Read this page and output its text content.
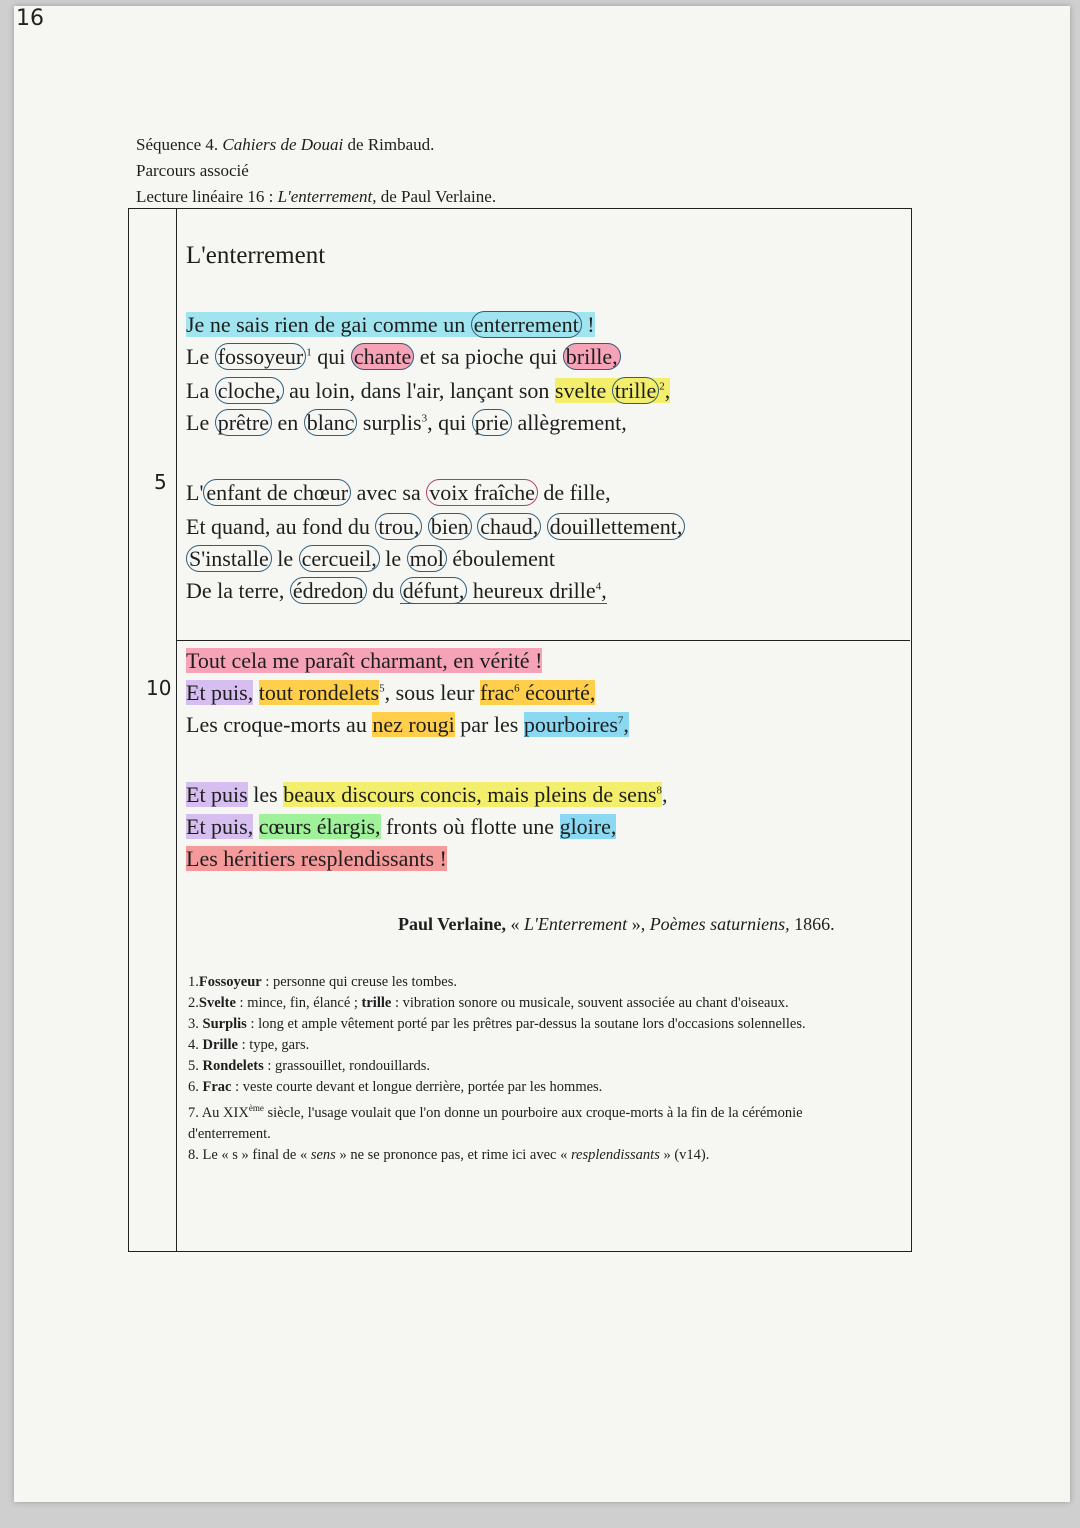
16
Séquence 4. Cahiers de Douai de Rimbaud.
Parcours associé
Lecture linéaire 16 : L'enterrement, de Paul Verlaine.
L'enterrement
Je ne sais rien de gai comme un enterrement !
Le fossoyeur $^1$ qui chante et sa pioche qui brille,
La cloche, au loin, dans l'air, lançant son svelte trille $^2$,
Le prêtre en blanc surplis$^3$, qui prie allègrement,
5 L' enfant de chœur avec sa voix fraîche de fille,
Et quand, au fond du trou, bien chaud, douillettement,
S'installe le cercueil, le mol éboulement
De la terre, édredon du défunt, heureux drille$^4$,
Tout cela me paraît charmant, en vérité !
10 Et puis, tout rondelets$^5$, sous leur frac$^6$ écourté,
Les croque-morts au nez rougi par les pourboires$^7$,
Et puis les beaux discours concis, mais pleins de sens$^8$,
Et puis, cœurs élargis, fronts où flotte une gloire,
Les héritiers resplendissants !
Paul Verlaine, « L'Enterrement », Poèmes saturniens, 1866.
1.Fossoyeur : personne qui creuse les tombes.
2.Svelte : mince, fin, élancé ; trille : vibration sonore ou musicale, souvent associée au chant d'oiseaux.
3. Surplis : long et ample vêtement porté par les prêtres par-dessus la soutane lors d'occasions solennelles.
4. Drille : type, gars.
5. Rondelets : grassouillet, rondouillards.
6. Frac : veste courte devant et longue derrière, portée par les hommes.
7. Au XIXème siècle, l'usage voulait que l'on donne un pourboire aux croque-morts à la fin de la cérémonie d'enterrement.
8. Le « s » final de « sens » ne se prononce pas, et rime ici avec « resplendissants » (v14).
